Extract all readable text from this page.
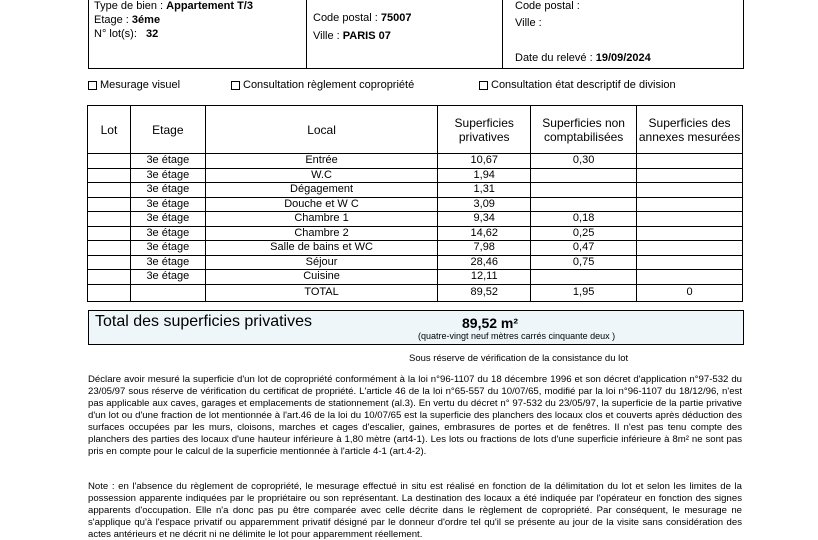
Type de bien : Appartement T/3
Etage : 3éme
N° lot(s): 32
Code postal : 75007
Ville : PARIS 07
Code postal :
Ville :
Date du relevé : 19/09/2024
Mesurage visuel	Consultation règlement copropriété	Consultation état descriptif de division
Lot	Etage	Local	Superficies privatives	Superficies non comptabilisées	Superficies des annexes mesurées
	3e étage	Entrée	10,67	0,30	
	3e étage	W.C	1,94		
	3e étage	Dégagement	1,31		
	3e étage	Douche et W C	3,09		
	3e étage	Chambre 1	9,34	0,18	
	3e étage	Chambre 2	14,62	0,25	
	3e étage	Salle de bains et WC	7,98	0,47	
	3e étage	Séjour	28,46	0,75	
	3e étage	Cuisine	12,11		
		TOTAL	89,52	1,95	0
Total des superficies privatives	89,52 m²
(quatre-vingt neuf mètres carrés cinquante deux )
Sous réserve de vérification de la consistance du lot
Déclare avoir mesuré la superficie d'un lot de copropriété conformément à la loi n°96-1107 du 18 décembre 1996 et son décret d'application n°97-532 du 23/05/97 sous réserve de vérification du certificat de propriété. L'article 46 de la loi n°65-557 du 10/07/65, modifié par la loi n°96-1107 du 18/12/96, n'est pas applicable aux caves, garages et emplacements de stationnement (al.3). En vertu du décret n° 97-532 du 23/05/97, la superficie de la partie privative d'un lot ou d'une fraction de lot mentionnée à l'art.46 de la loi du 10/07/65 est la superficie des planchers des locaux clos et couverts après déduction des surfaces occupées par les murs, cloisons, marches et cages d'escalier, gaines, embrasures de portes et de fenêtres. Il n'est pas tenu compte des planchers des parties des locaux d'une hauteur inférieure à 1,80 mètre (art4-1). Les lots ou fractions de lots d'une superficie inférieure à 8m² ne sont pas pris en compte pour le calcul de la superficie mentionnée à l'article 4-1 (art.4-2).
Note : en l'absence du règlement de copropriété, le mesurage effectué in situ est réalisé en fonction de la délimitation du lot et selon les limites de la possession apparente indiquées par le propriétaire ou son représentant. La destination des locaux a été indiquée par l'opérateur en fonction des signes apparents d'occupation. Elle n'a donc pas pu être comparée avec celle décrite dans le règlement de copropriété. Par conséquent, le mesurage ne s'applique qu'à l'espace privatif ou apparemment privatif désigné par le donneur d'ordre tel qu'il se présente au jour de la visite sans considération des actes antérieurs et ne décrit ni ne délimite le lot pour apparemment réellement.
